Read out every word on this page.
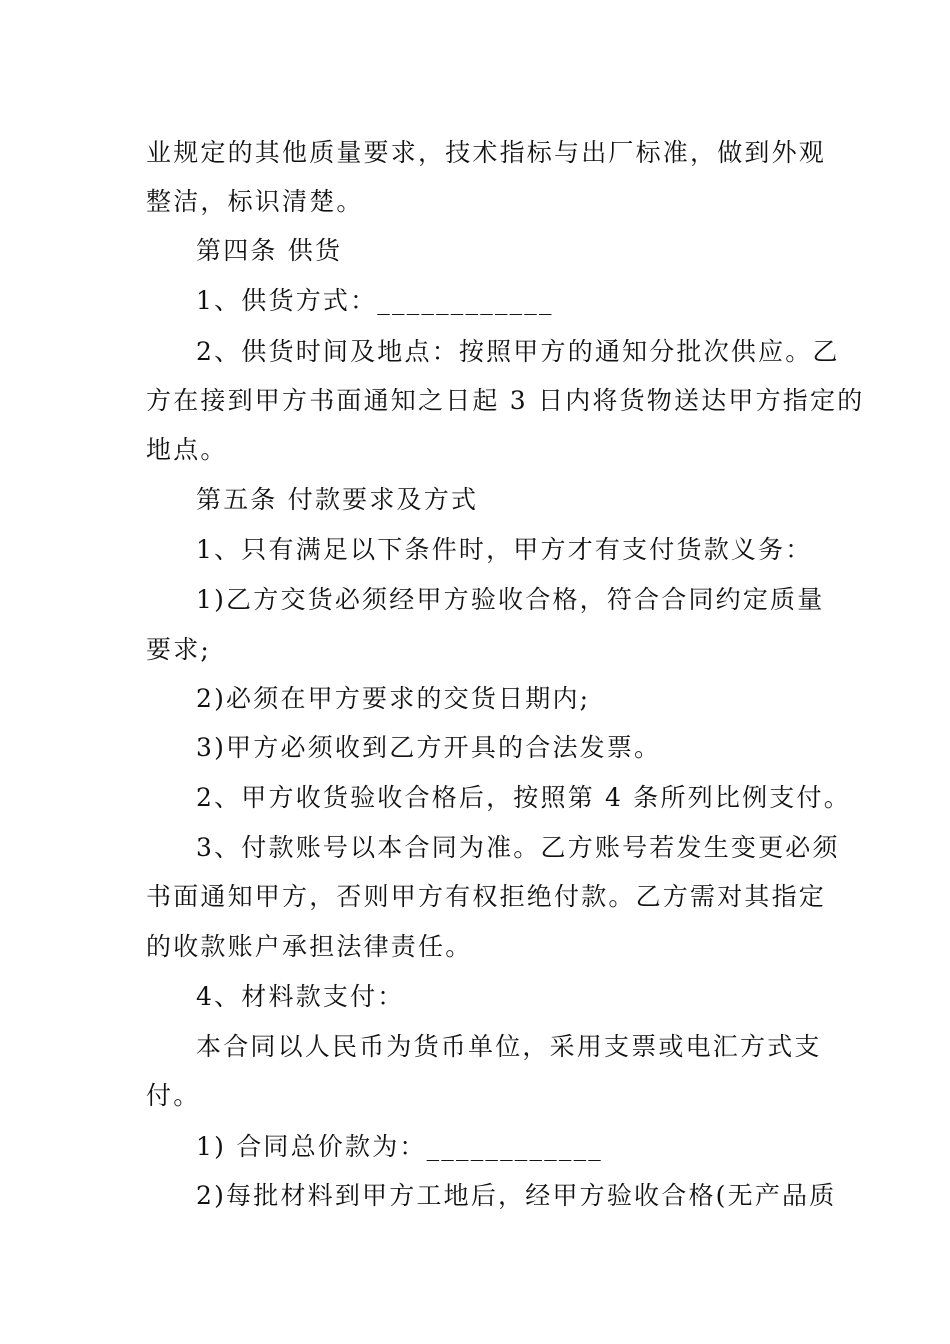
业规定的其他质量要求，技术指标与出厂标准，做到外观
整洁，标识清楚。
第四条 供货
1、供货方式：____________
2、供货时间及地点：按照甲方的通知分批次供应。乙
方在接到甲方书面通知之日起 3 日内将货物送达甲方指定的
地点。
第五条 付款要求及方式
1、只有满足以下条件时，甲方才有支付货款义务：
1)乙方交货必须经甲方验收合格，符合合同约定质量
要求;
2)必须在甲方要求的交货日期内;
3)甲方必须收到乙方开具的合法发票。
2、甲方收货验收合格后，按照第 4 条所列比例支付。
3、付款账号以本合同为准。乙方账号若发生变更必须
书面通知甲方，否则甲方有权拒绝付款。乙方需对其指定
的收款账户承担法律责任。
4、材料款支付：
本合同以人民币为货币单位，采用支票或电汇方式支
付。
1) 合同总价款为：____________
2)每批材料到甲方工地后，经甲方验收合格(无产品质
